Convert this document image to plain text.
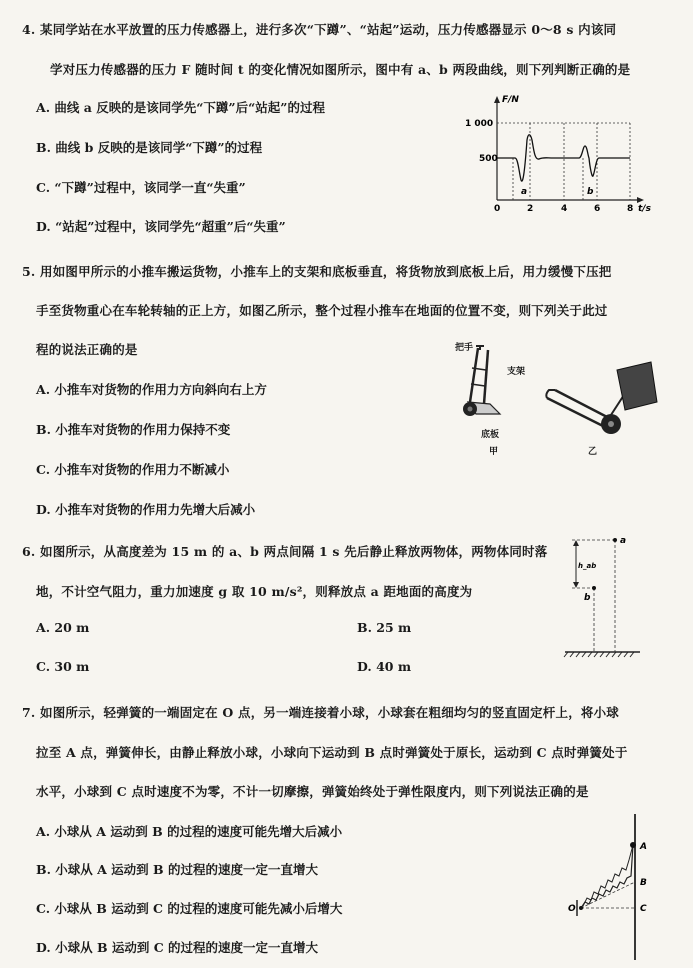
4. 某同学站在水平放置的压力传感器上，进行多次“下蹲”、“站起”运动，压力传感器显示 0～8 s 内该同
学对压力传感器的压力 F 随时间 t 的变化情况如图所示，图中有 a、b 两段曲线，则下列判断正确的是
A. 曲线 a 反映的是该同学先“下蹲”后“站起”的过程
B. 曲线 b 反映的是该同学“下蹲”的过程
C. “下蹲”过程中，该同学一直“失重”
D. “站起”过程中，该同学先“超重”后“失重”
1 000
500
0	2	4	6	8
F/N
t/s
a	b
5. 用如图甲所示的小推车搬运货物，小推车上的支架和底板垂直，将货物放到底板上后，用力缓慢下压把
手至货物重心在车轮转轴的正上方，如图乙所示，整个过程小推车在地面的位置不变，则下列关于此过
程的说法正确的是
A. 小推车对货物的作用力方向斜向右上方
B. 小推车对货物的作用力保持不变
C. 小推车对货物的作用力不断减小
D. 小推车对货物的作用力先增大后减小
把手
支架
底板
甲	乙
6. 如图所示，从高度差为 15 m 的 a、b 两点间隔 1 s 先后静止释放两物体，两物体同时落
地，不计空气阻力，重力加速度 g 取 10 m/s²，则释放点 a 距地面的高度为
A. 20 m	B. 25 m
C. 30 m	D. 40 m
a
b
h_ab
7. 如图所示，轻弹簧的一端固定在 O 点，另一端连接着小球，小球套在粗细均匀的竖直固定杆上，将小球
拉至 A 点，弹簧伸长，由静止释放小球，小球向下运动到 B 点时弹簧处于原长，运动到 C 点时弹簧处于
水平，小球到 C 点时速度不为零，不计一切摩擦，弹簧始终处于弹性限度内，则下列说法正确的是
A. 小球从 A 运动到 B 的过程的速度可能先增大后减小
B. 小球从 A 运动到 B 的过程的速度一定一直增大
C. 小球从 B 运动到 C 的过程的速度可能先减小后增大
D. 小球从 B 运动到 C 的过程的速度一定一直增大
A
B
C
O
